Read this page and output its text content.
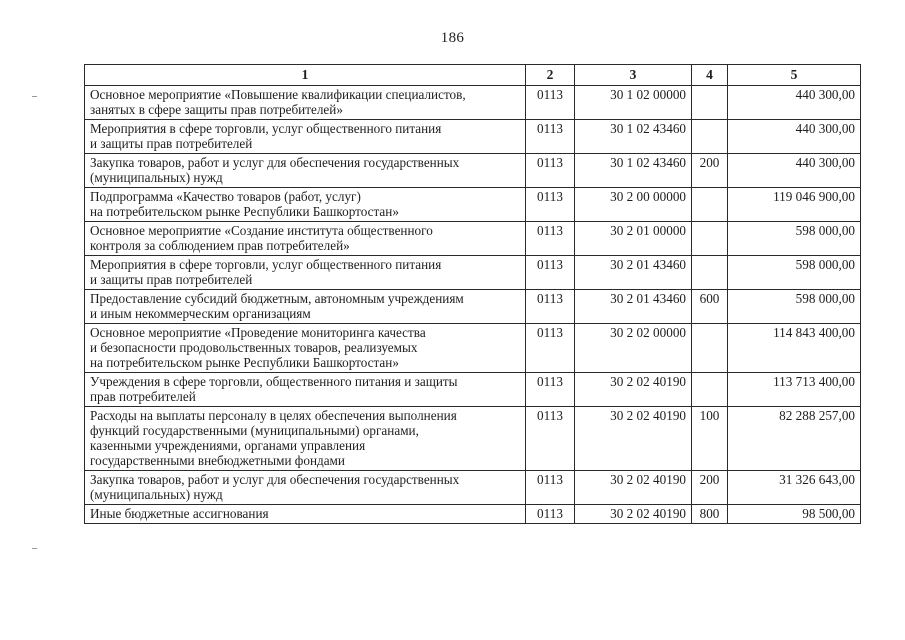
186
1	2	3	4	5

Основное мероприятие «Повышение квалификации специалистов,
занятых в сфере защиты прав потребителей»	0113	30 1 02 00000		440 300,00

Мероприятия в сфере торговли, услуг общественного питания
и защиты прав потребителей	0113	30 1 02 43460		440 300,00

Закупка товаров, работ и услуг для обеспечения государственных
(муниципальных) нужд	0113	30 1 02 43460	200	440 300,00

Подпрограмма «Качество товаров (работ, услуг)
на потребительском рынке Республики Башкортостан»	0113	30 2 00 00000		119 046 900,00

Основное мероприятие «Создание института общественного
контроля за соблюдением прав потребителей»	0113	30 2 01 00000		598 000,00

Мероприятия в сфере торговли, услуг общественного питания
и защиты прав потребителей	0113	30 2 01 43460		598 000,00

Предоставление субсидий бюджетным, автономным учреждениям
и иным некоммерческим организациям	0113	30 2 01 43460	600	598 000,00

Основное мероприятие «Проведение мониторинга качества
и безопасности продовольственных товаров, реализуемых
на потребительском рынке Республики Башкортостан»	0113	30 2 02 00000		114 843 400,00

Учреждения в сфере торговли, общественного питания и защиты
прав потребителей	0113	30 2 02 40190		113 713 400,00

Расходы на выплаты персоналу в целях обеспечения выполнения
функций государственными (муниципальными) органами,
казенными учреждениями, органами управления
государственными внебюджетными фондами	0113	30 2 02 40190	100	82 288 257,00

Закупка товаров, работ и услуг для обеспечения государственных
(муниципальных) нужд	0113	30 2 02 40190	200	31 326 643,00

Иные бюджетные ассигнования	0113	30 2 02 40190	800	98 500,00
